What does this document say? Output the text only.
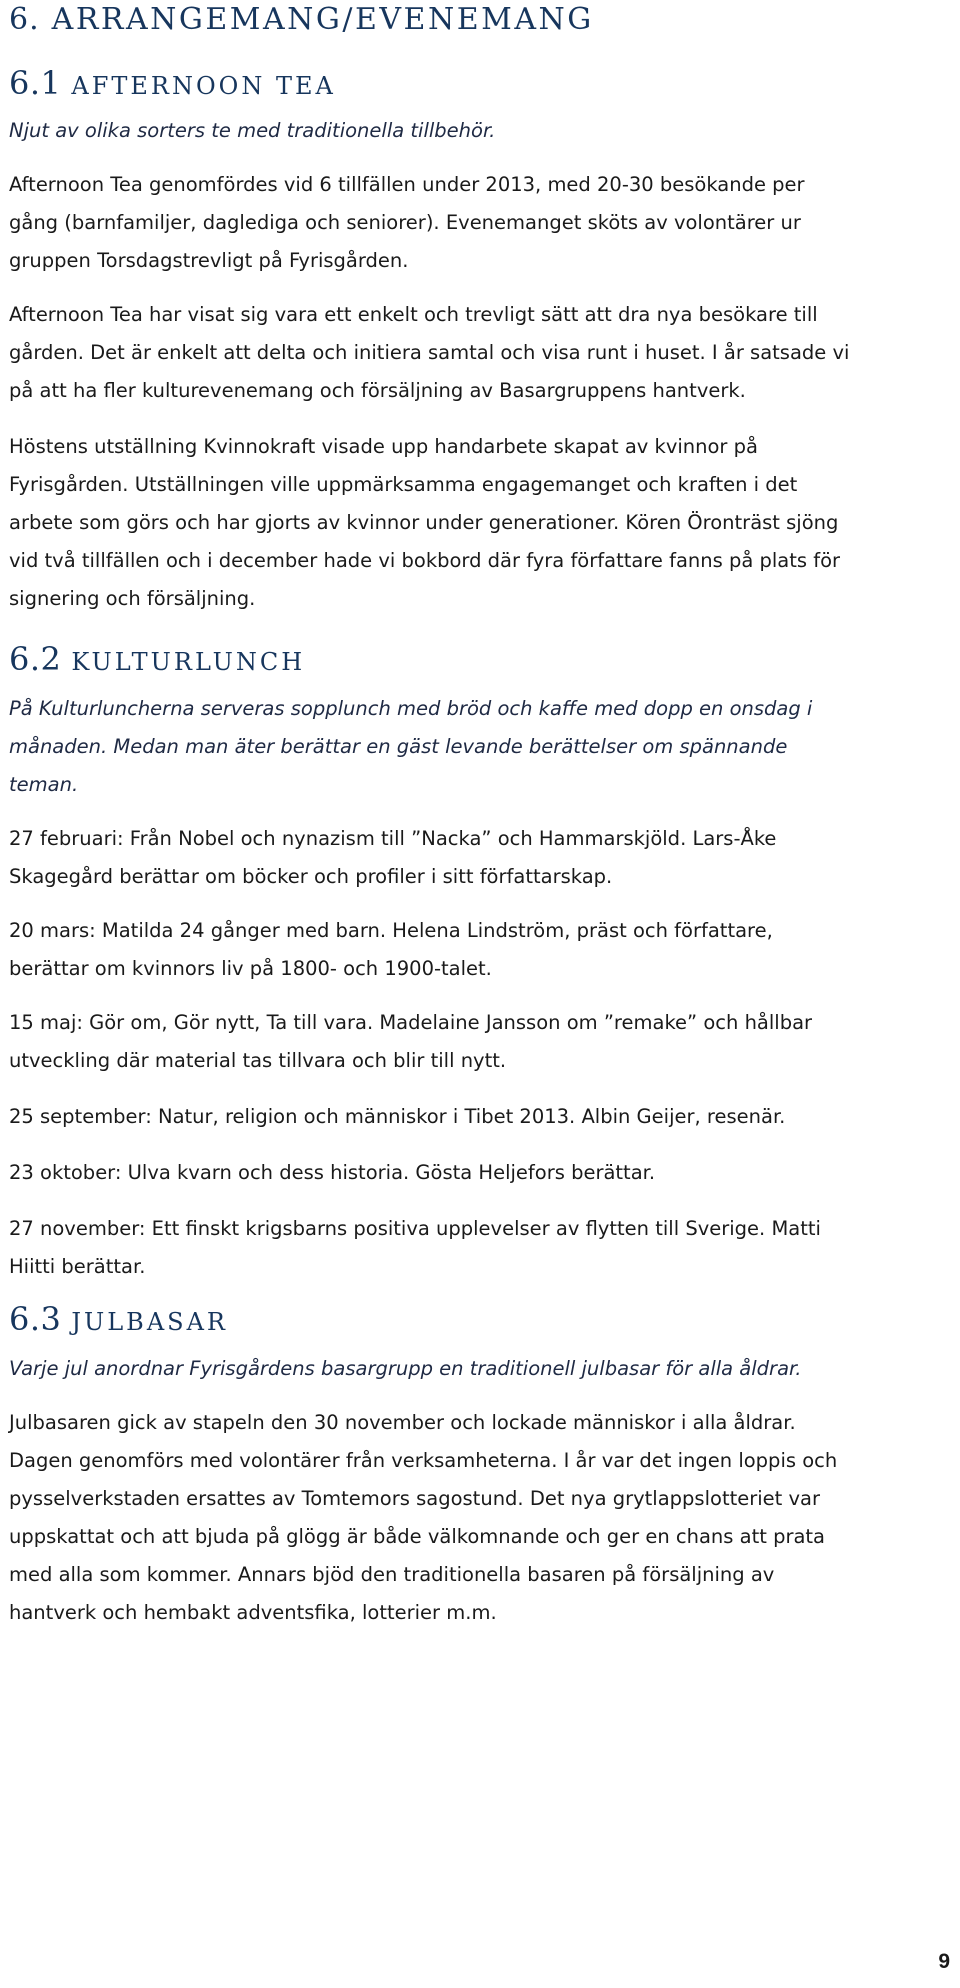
6. ARRANGEMANG/EVENEMANG
6.1 AFTERNOON TEA

Njut av olika sorters te med traditionella tillbehör.

Afternoon Tea genomfördes vid 6 tillfällen under 2013, med 20-30 besökande per
gång (barnfamiljer, daglediga och seniorer). Evenemanget sköts av volontärer ur
gruppen Torsdagstrevligt på Fyrisgården.

Afternoon Tea har visat sig vara ett enkelt och trevligt sätt att dra nya besökare till
gården. Det är enkelt att delta och initiera samtal och visa runt i huset. I år satsade vi
på att ha fler kulturevenemang och försäljning av Basargruppens hantverk.

Höstens utställning Kvinnokraft visade upp handarbete skapat av kvinnor på
Fyrisgården. Utställningen ville uppmärksamma engagemanget och kraften i det
arbete som görs och har gjorts av kvinnor under generationer. Kören Öronträst sjöng
vid två tillfällen och i december hade vi bokbord där fyra författare fanns på plats för
signering och försäljning.

6.2 KULTURLUNCH

På Kulturluncherna serveras sopplunch med bröd och kaffe med dopp en onsdag i
månaden. Medan man äter berättar en gäst levande berättelser om spännande
teman.

27 februari: Från Nobel och nynazism till ”Nacka” och Hammarskjöld. Lars-Åke
Skagegård berättar om böcker och profiler i sitt författarskap.

20 mars: Matilda 24 gånger med barn. Helena Lindström, präst och författare,
berättar om kvinnors liv på 1800- och 1900-talet.

15 maj: Gör om, Gör nytt, Ta till vara. Madelaine Jansson om ”remake” och hållbar
utveckling där material tas tillvara och blir till nytt.

25 september: Natur, religion och människor i Tibet 2013. Albin Geijer, resenär.

23 oktober: Ulva kvarn och dess historia. Gösta Heljefors berättar.

27 november: Ett finskt krigsbarns positiva upplevelser av flytten till Sverige. Matti
Hiitti berättar.

6.3 JULBASAR

Varje jul anordnar Fyrisgårdens basargrupp en traditionell julbasar för alla åldrar.

Julbasaren gick av stapeln den 30 november och lockade människor i alla åldrar.
Dagen genomförs med volontärer från verksamheterna. I år var det ingen loppis och
pysselverkstaden ersattes av Tomtemors sagostund. Det nya grytlappslotteriet var
uppskattat och att bjuda på glögg är både välkomnande och ger en chans att prata
med alla som kommer. Annars bjöd den traditionella basaren på försäljning av
hantverk och hembakt adventsfika, lotterier m.m.

9
